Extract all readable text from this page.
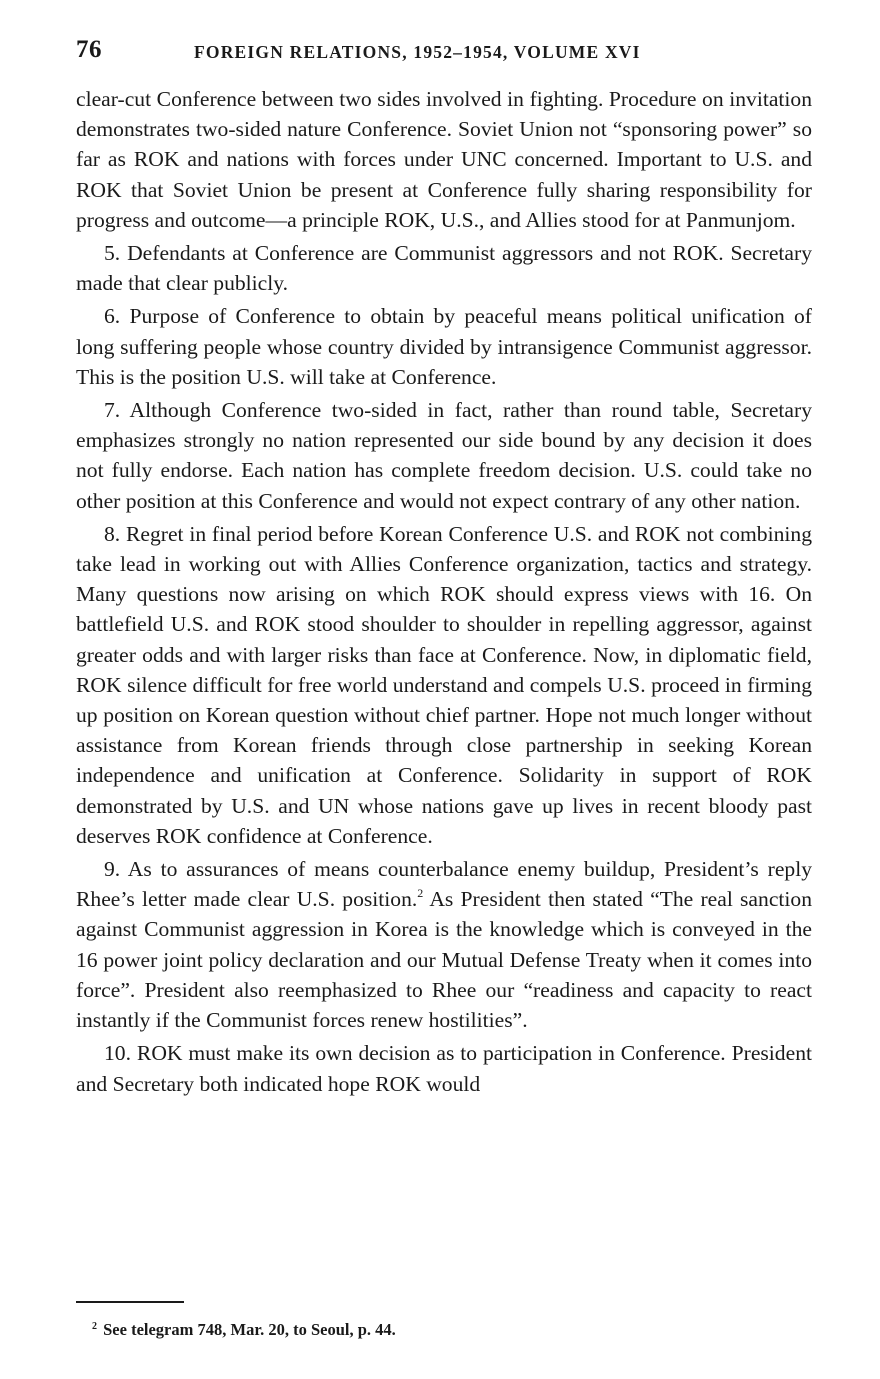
76	FOREIGN RELATIONS, 1952–1954, VOLUME XVI

clear-cut Conference between two sides involved in fighting. Procedure on invitation demonstrates two-sided nature Conference. Soviet Union not “sponsoring power” so far as ROK and nations with forces under UNC concerned. Important to U.S. and ROK that Soviet Union be present at Conference fully sharing responsibility for progress and outcome—a principle ROK, U.S., and Allies stood for at Panmunjom.

5. Defendants at Conference are Communist aggressors and not ROK. Secretary made that clear publicly.

6. Purpose of Conference to obtain by peaceful means political unification of long suffering people whose country divided by intransigence Communist aggressor. This is the position U.S. will take at Conference.

7. Although Conference two-sided in fact, rather than round table, Secretary emphasizes strongly no nation represented our side bound by any decision it does not fully endorse. Each nation has complete freedom decision. U.S. could take no other position at this Conference and would not expect contrary of any other nation.

8. Regret in final period before Korean Conference U.S. and ROK not combining take lead in working out with Allies Conference organization, tactics and strategy. Many questions now arising on which ROK should express views with 16. On battlefield U.S. and ROK stood shoulder to shoulder in repelling aggressor, against greater odds and with larger risks than face at Conference. Now, in diplomatic field, ROK silence difficult for free world understand and compels U.S. proceed in firming up position on Korean question without chief partner. Hope not much longer without assistance from Korean friends through close partnership in seeking Korean independence and unification at Conference. Solidarity in support of ROK demonstrated by U.S. and UN whose nations gave up lives in recent bloody past deserves ROK confidence at Conference.

9. As to assurances of means counterbalance enemy buildup, President’s reply Rhee’s letter made clear U.S. position.$^2$ As President then stated “The real sanction against Communist aggression in Korea is the knowledge which is conveyed in the 16 power joint policy declaration and our Mutual Defense Treaty when it comes into force”. President also reemphasized to Rhee our “readiness and capacity to react instantly if the Communist forces renew hostilities”.

10. ROK must make its own decision as to participation in Conference. President and Secretary both indicated hope ROK would

$^2$ See telegram 748, Mar. 20, to Seoul, p. 44.
